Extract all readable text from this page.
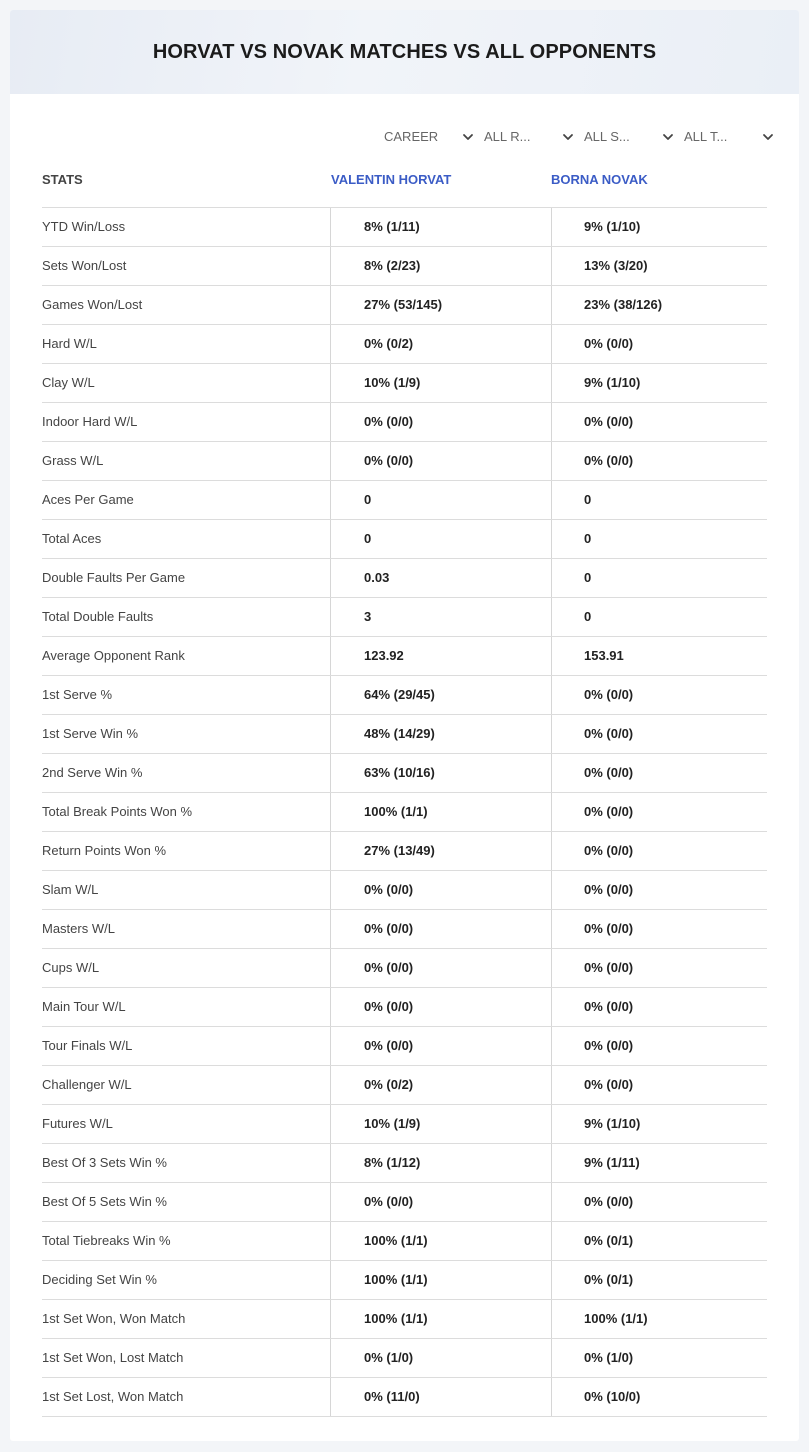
HORVAT VS NOVAK MATCHES VS ALL OPPONENTS
CAREER	ALL R...	ALL S...	ALL T...
STATS	VALENTIN HORVAT	BORNA NOVAK
YTD Win/Loss	8% (1/11)	9% (1/10)
Sets Won/Lost	8% (2/23)	13% (3/20)
Games Won/Lost	27% (53/145)	23% (38/126)
Hard W/L	0% (0/2)	0% (0/0)
Clay W/L	10% (1/9)	9% (1/10)
Indoor Hard W/L	0% (0/0)	0% (0/0)
Grass W/L	0% (0/0)	0% (0/0)
Aces Per Game	0	0
Total Aces	0	0
Double Faults Per Game	0.03	0
Total Double Faults	3	0
Average Opponent Rank	123.92	153.91
1st Serve %	64% (29/45)	0% (0/0)
1st Serve Win %	48% (14/29)	0% (0/0)
2nd Serve Win %	63% (10/16)	0% (0/0)
Total Break Points Won %	100% (1/1)	0% (0/0)
Return Points Won %	27% (13/49)	0% (0/0)
Slam W/L	0% (0/0)	0% (0/0)
Masters W/L	0% (0/0)	0% (0/0)
Cups W/L	0% (0/0)	0% (0/0)
Main Tour W/L	0% (0/0)	0% (0/0)
Tour Finals W/L	0% (0/0)	0% (0/0)
Challenger W/L	0% (0/2)	0% (0/0)
Futures W/L	10% (1/9)	9% (1/10)
Best Of 3 Sets Win %	8% (1/12)	9% (1/11)
Best Of 5 Sets Win %	0% (0/0)	0% (0/0)
Total Tiebreaks Win %	100% (1/1)	0% (0/1)
Deciding Set Win %	100% (1/1)	0% (0/1)
1st Set Won, Won Match	100% (1/1)	100% (1/1)
1st Set Won, Lost Match	0% (1/0)	0% (1/0)
1st Set Lost, Won Match	0% (11/0)	0% (10/0)
